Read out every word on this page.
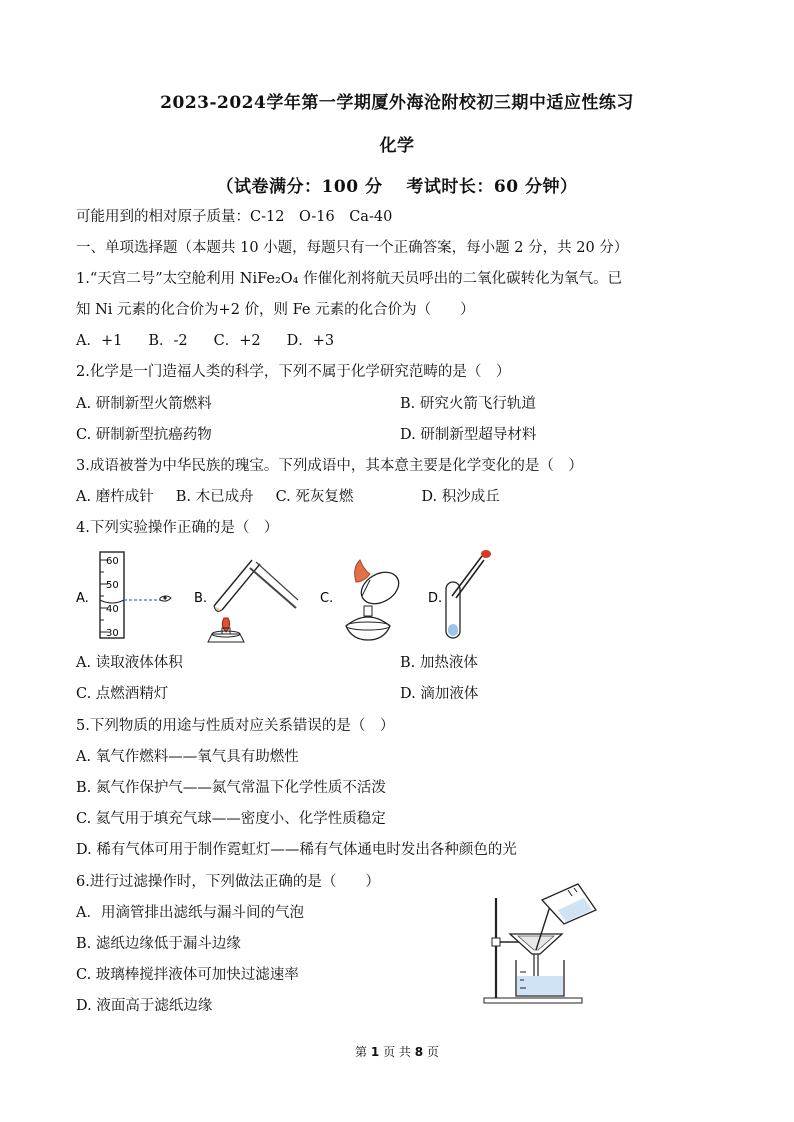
2023-2024学年第一学期厦外海沧附校初三期中适应性练习
化学
（试卷满分：100 分　 考试时长：60 分钟）
可能用到的相对原子质量：C-12　O-16　Ca-40
一、单项选择题（本题共 10 小题，每题只有一个正确答案，每小题 2 分，共 20 分）
1.“天宫二号”太空舱利用 NiFe₂O₄ 作催化剂将航天员呼出的二氧化碳转化为氧气。已
知 Ni 元素的化合价为+2 价，则 Fe 元素的化合价为（　　）
A．+1 B．-2 C．+2 D．+3
2.化学是一门造福人类的科学，下列不属于化学研究范畴的是（　）
A. 研制新型火箭燃料	B. 研究火箭飞行轨道
C. 研制新型抗癌药物	D. 研制新型超导材料
3.成语被誉为中华民族的瑰宝。下列成语中，其本意主要是化学变化的是（　）
A. 磨杵成针 B. 木已成舟 C. 死灰复燃	D. 积沙成丘
4.下列实验操作正确的是（　）
A.
60
50
40
30
B.	C.	D.
A. 读取液体体积	B. 加热液体
C. 点燃酒精灯	D. 滴加液体
5.下列物质的用途与性质对应关系错误的是（　）
A. 氧气作燃料——氧气具有助燃性
B. 氮气作保护气——氮气常温下化学性质不活泼
C. 氦气用于填充气球——密度小、化学性质稳定
D. 稀有气体可用于制作霓虹灯——稀有气体通电时发出各种颜色的光
6.进行过滤操作时，下列做法正确的是（　　）
A．用滴管排出滤纸与漏斗间的气泡
B. 滤纸边缘低于漏斗边缘
C. 玻璃棒搅拌液体可加快过滤速率
D. 液面高于滤纸边缘
第 1 页 共 8 页
